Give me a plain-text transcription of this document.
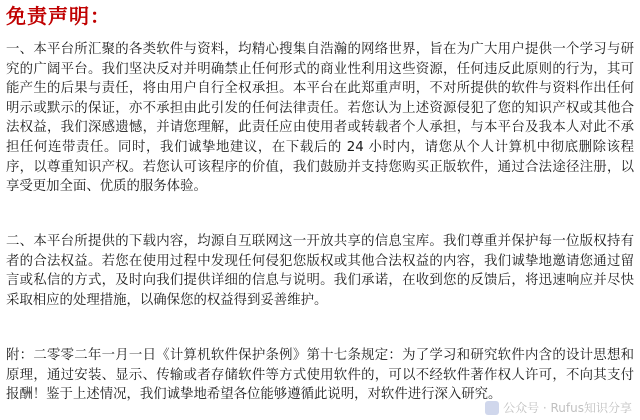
免责声明：

一、本平台所汇聚的各类软件与资料，均精心搜集自浩瀚的网络世界，旨在为广大用户提供一个学习与研究的广阔平台。我们坚决反对并明确禁止任何形式的商业性利用这些资源，任何违反此原则的行为，其可能产生的后果与责任，将由用户自行全权承担。本平台在此郑重声明，不对所提供的软件与资料作出任何明示或默示的保证，亦不承担由此引发的任何法律责任。若您认为上述资源侵犯了您的知识产权或其他合法权益，我们深感遗憾，并请您理解，此责任应由使用者或转载者个人承担，与本平台及我本人对此不承担任何连带责任。同时，我们诚挚地建议，在下载后的 24 小时内，请您从个人计算机中彻底删除该程序，以尊重知识产权。若您认可该程序的价值，我们鼓励并支持您购买正版软件，通过合法途径注册，以享受更加全面、优质的服务体验。

二、本平台所提供的下载内容，均源自互联网这一开放共享的信息宝库。我们尊重并保护每一位版权持有者的合法权益。若您在使用过程中发现任何侵犯您版权或其他合法权益的内容，我们诚挚地邀请您通过留言或私信的方式，及时向我们提供详细的信息与说明。我们承诺，在收到您的反馈后，将迅速响应并尽快采取相应的处理措施，以确保您的权益得到妥善维护。

附：二零零二年一月一日《计算机软件保护条例》第十七条规定：为了学习和研究软件内含的设计思想和原理，通过安装、显示、传输或者存储软件等方式使用软件的，可以不经软件著作权人许可，不向其支付报酬！鉴于上述情况，我们诚挚地希望各位能够遵循此说明，对软件进行深入研究。

公众号 · Rufus知识分享
